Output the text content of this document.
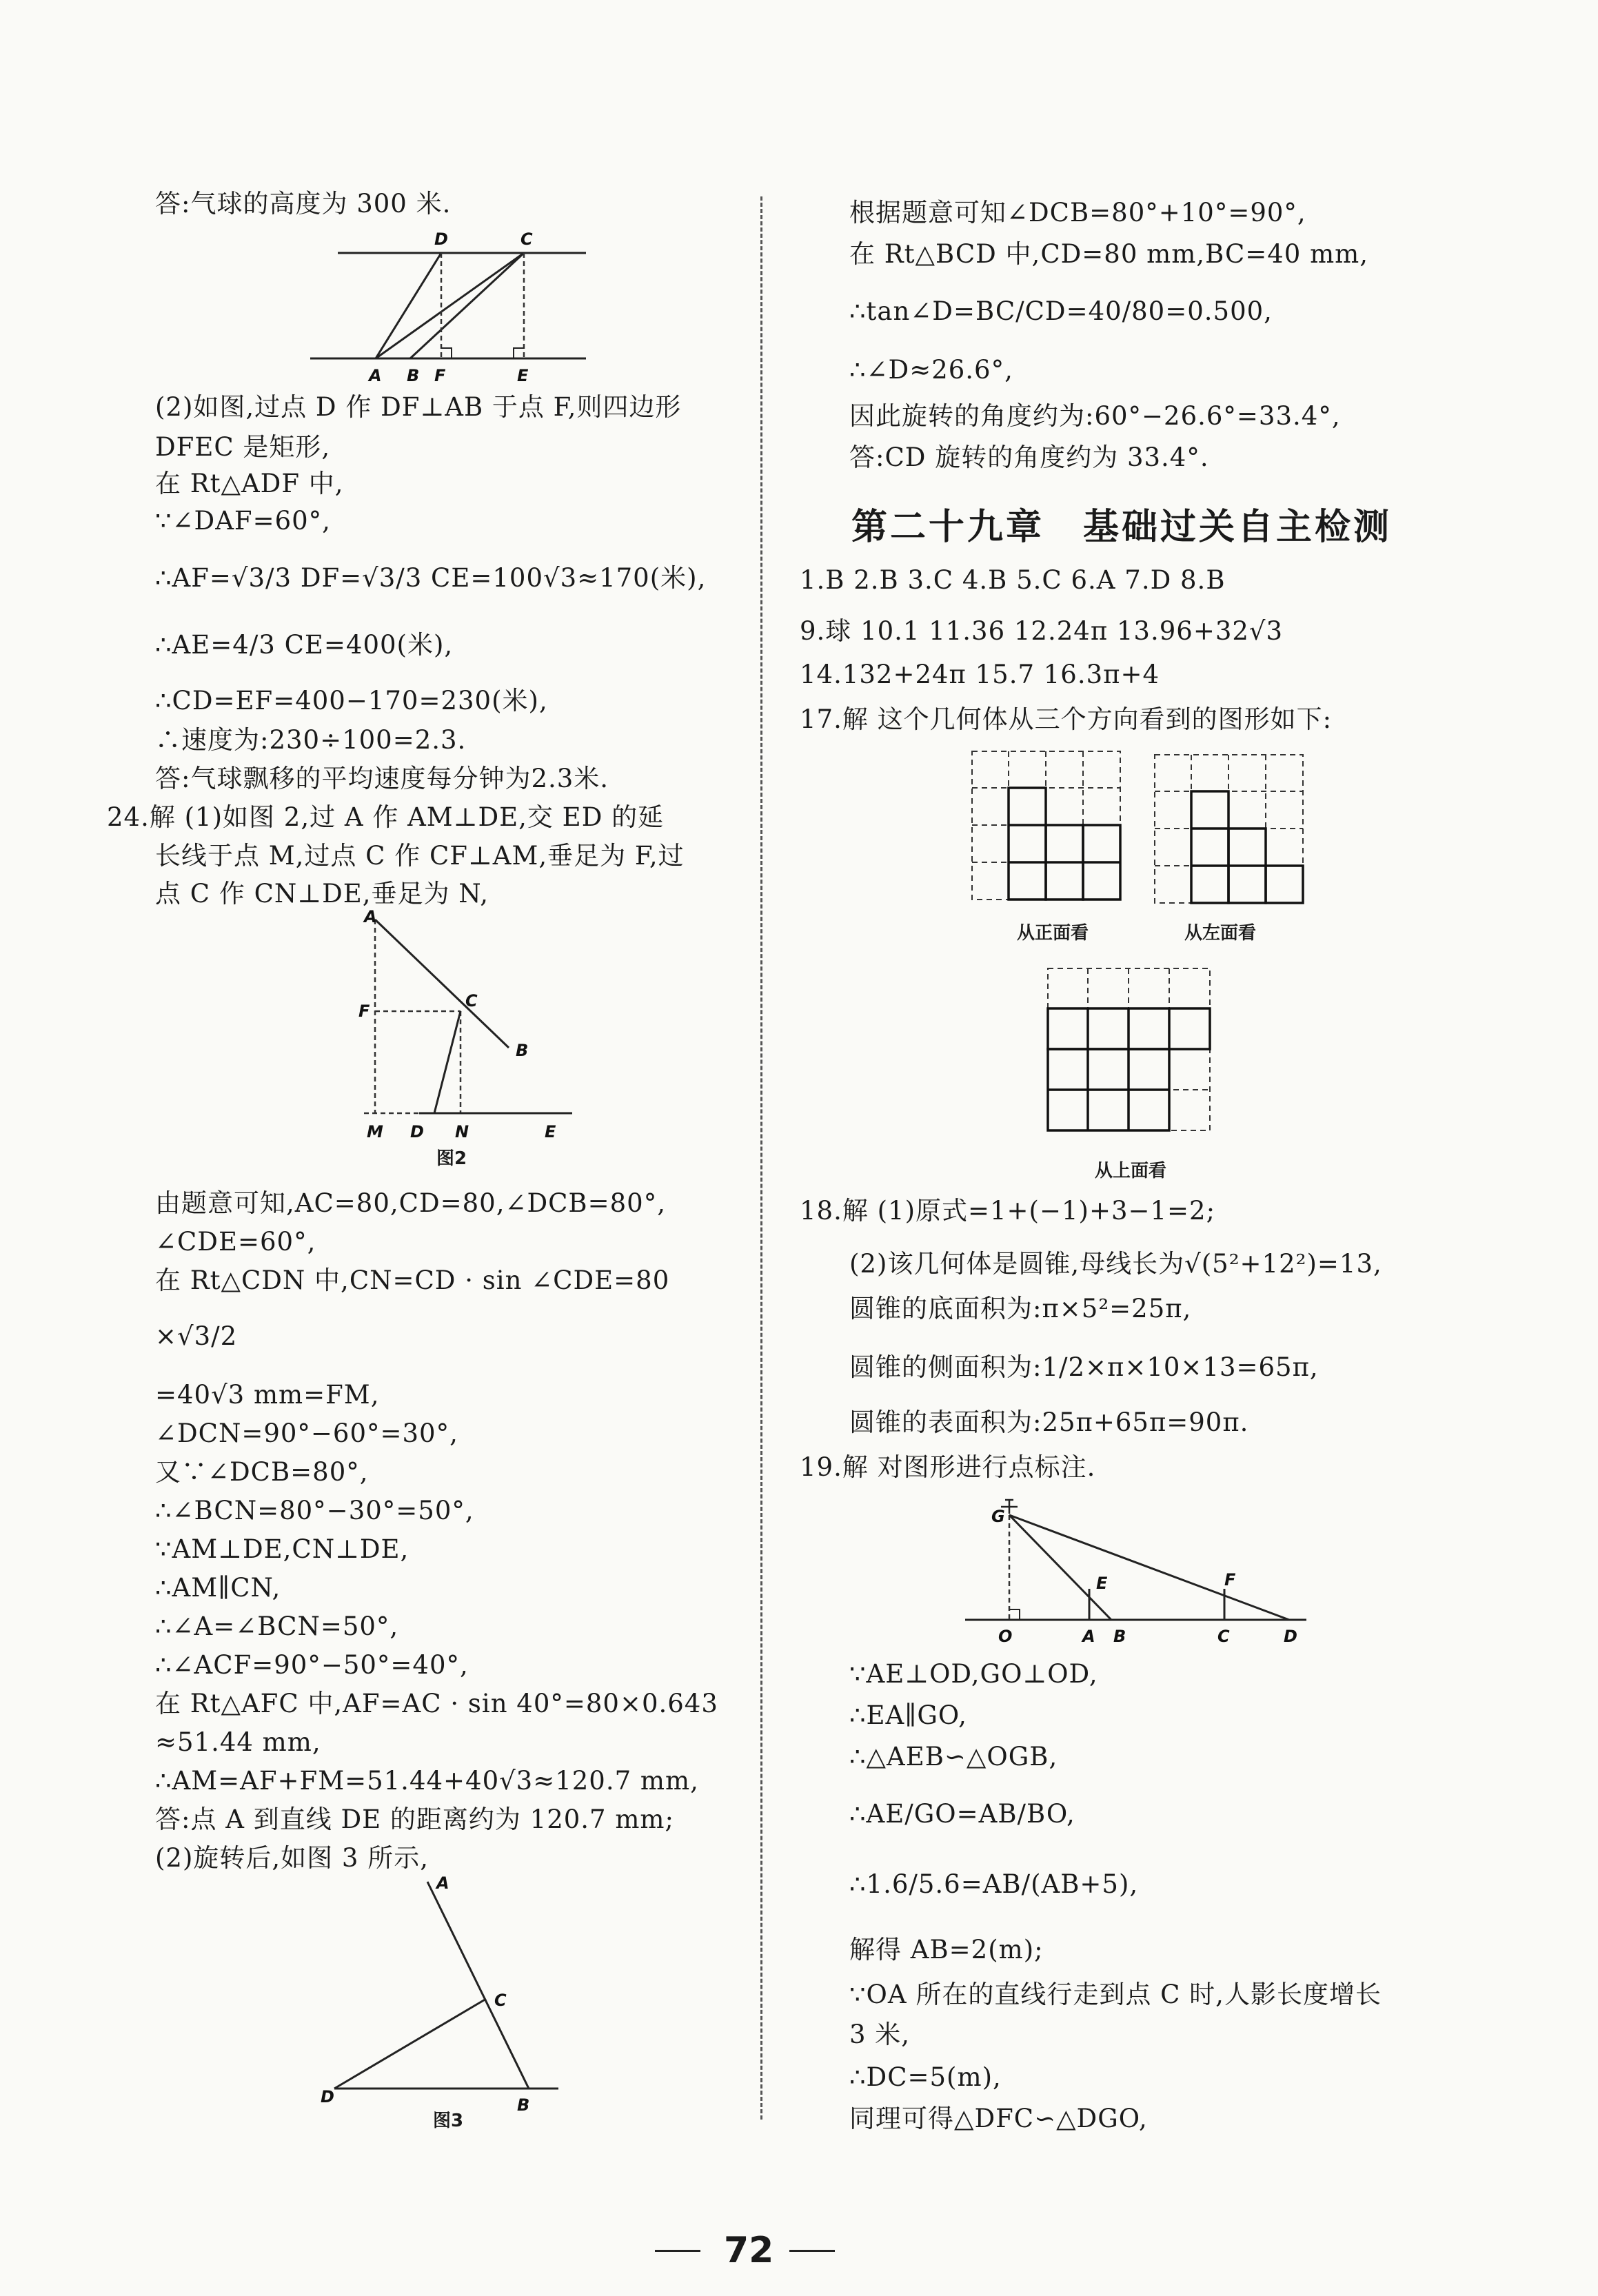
答:气球的高度为 300 米.
(2)如图,过点 D 作 DF⊥AB 于点 F,则四边形
DFEC 是矩形,
在 Rt△ADF 中,
∵∠DAF=60°,
∴AF=√3/3 DF=√3/3 CE=100√3≈170(米),
∴AE=4/3 CE=400(米),
∴CD=EF=400−170=230(米),
∴速度为:230÷100=2.3.
答:气球飘移的平均速度每分钟为2.3米.
24.解 (1)如图 2,过 A 作 AM⊥DE,交 ED 的延
长线于点 M,过点 C 作 CF⊥AM,垂足为 F,过
点 C 作 CN⊥DE,垂足为 N,
由题意可知,AC=80,CD=80,∠DCB=80°,
∠CDE=60°,
在 Rt△CDN 中,CN=CD · sin ∠CDE=80
×√3/2
=40√3 mm=FM,
∠DCN=90°−60°=30°,
又∵∠DCB=80°,
∴∠BCN=80°−30°=50°,
∵AM⊥DE,CN⊥DE,
∴AM∥CN,
∴∠A=∠BCN=50°,
∴∠ACF=90°−50°=40°,
在 Rt△AFC 中,AF=AC · sin 40°=80×0.643
≈51.44 mm,
∴AM=AF+FM=51.44+40√3≈120.7 mm,
答:点 A 到直线 DE 的距离约为 120.7 mm;
(2)旋转后,如图 3 所示,
D	C
A B F	E
A
F
C
B
M D N	E
图2
A
C
D	B
图3
根据题意可知∠DCB=80°+10°=90°,
在 Rt△BCD 中,CD=80 mm,BC=40 mm,
∴tan∠D=BC/CD=40/80=0.500,
∴∠D≈26.6°,
因此旋转的角度约为:60°−26.6°=33.4°,
答:CD 旋转的角度约为 33.4°.
第二十九章　基础过关自主检测
1.B 2.B 3.C 4.B 5.C 6.A 7.D 8.B
9.球 10.1 11.36 12.24π 13.96+32√3
14.132+24π 15.7 16.3π+4
17.解 这个几何体从三个方向看到的图形如下:
18.解 (1)原式=1+(−1)+3−1=2;
(2)该几何体是圆锥,母线长为√(5²+12²)=13,
圆锥的底面积为:π×5²=25π,
圆锥的侧面积为:1/2×π×10×13=65π,
圆锥的表面积为:25π+65π=90π.
19.解 对图形进行点标注.
∵AE⊥OD,GO⊥OD,
∴EA∥GO,
∴△AEB∽△OGB,
∴AE/GO=AB/BO,
∴1.6/5.6=AB/(AB+5),
解得 AB=2(m);
∵OA 所在的直线行走到点 C 时,人影长度增长
3 米,
∴DC=5(m),
同理可得△DFC∽△DGO,
从正面看	从左面看
从上面看
G
E	F
O	A B	C	D
72
